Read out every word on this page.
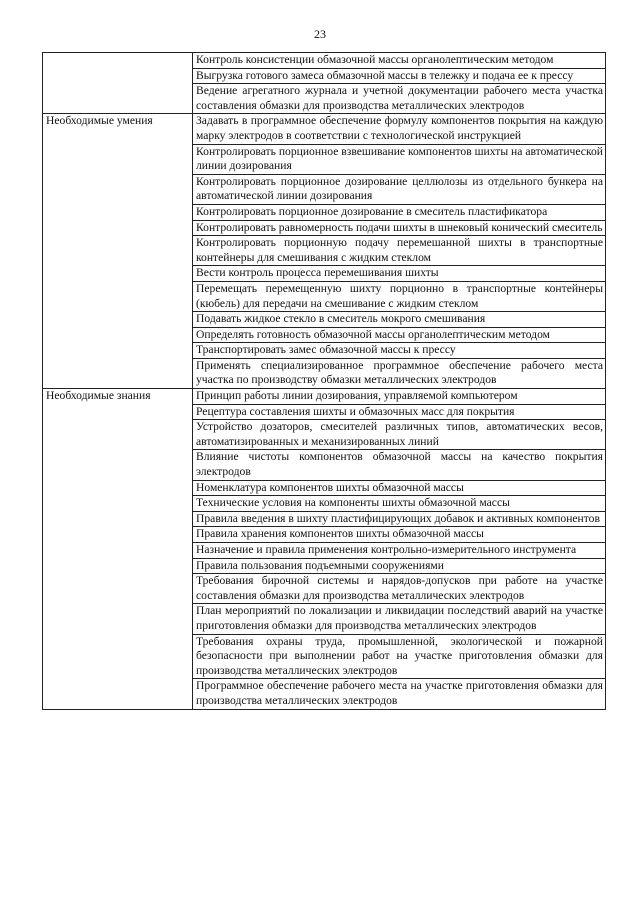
23
	Контроль консистенции обмазочной массы органолептическим методом
	Выгрузка готового замеса обмазочной массы в тележку и подача ее к прессу
	Ведение агрегатного журнала и учетной документации рабочего места участка составления обмазки для производства металлических электродов
Необходимые умения	Задавать в программное обеспечение формулу компонентов покрытия на каждую марку электродов в соответствии с технологической инструкцией
	Контролировать порционное взвешивание компонентов шихты на автоматической линии дозирования
	Контролировать порционное дозирование целлюлозы из отдельного бункера на автоматической линии дозирования
	Контролировать порционное дозирование в смеситель пластификатора
	Контролировать равномерность подачи шихты в шнековый конический смеситель
	Контролировать порционную подачу перемешанной шихты в транспортные контейнеры для смешивания с жидким стеклом
	Вести контроль процесса перемешивания шихты
	Перемещать перемещенную шихту порционно в транспортные контейнеры (кюбель) для передачи на смешивание с жидким стеклом
	Подавать жидкое стекло в смеситель мокрого смешивания
	Определять готовность обмазочной массы органолептическим методом
	Транспортировать замес обмазочной массы к прессу
	Применять специализированное программное обеспечение рабочего места участка по производству обмазки металлических электродов
Необходимые знания	Принцип работы линии дозирования, управляемой компьютером
	Рецептура составления шихты и обмазочных масс для покрытия
	Устройство дозаторов, смесителей различных типов, автоматических весов, автоматизированных и механизированных линий
	Влияние чистоты компонентов обмазочной массы на качество покрытия электродов
	Номенклатура компонентов шихты обмазочной массы
	Технические условия на компоненты шихты обмазочной массы
	Правила введения в шихту пластифицирующих добавок и активных компонентов
	Правила хранения компонентов шихты обмазочной массы
	Назначение и правила применения контрольно-измерительного инструмента
	Правила пользования подъемными сооружениями
	Требования бирочной системы и нарядов-допусков при работе на участке составления обмазки для производства металлических электродов
	План мероприятий по локализации и ликвидации последствий аварий на участке приготовления обмазки для производства металлических электродов
	Требования охраны труда, промышленной, экологической и пожарной безопасности при выполнении работ на участке приготовления обмазки для производства металлических электродов
	Программное обеспечение рабочего места на участке приготовления обмазки для производства металлических электродов
